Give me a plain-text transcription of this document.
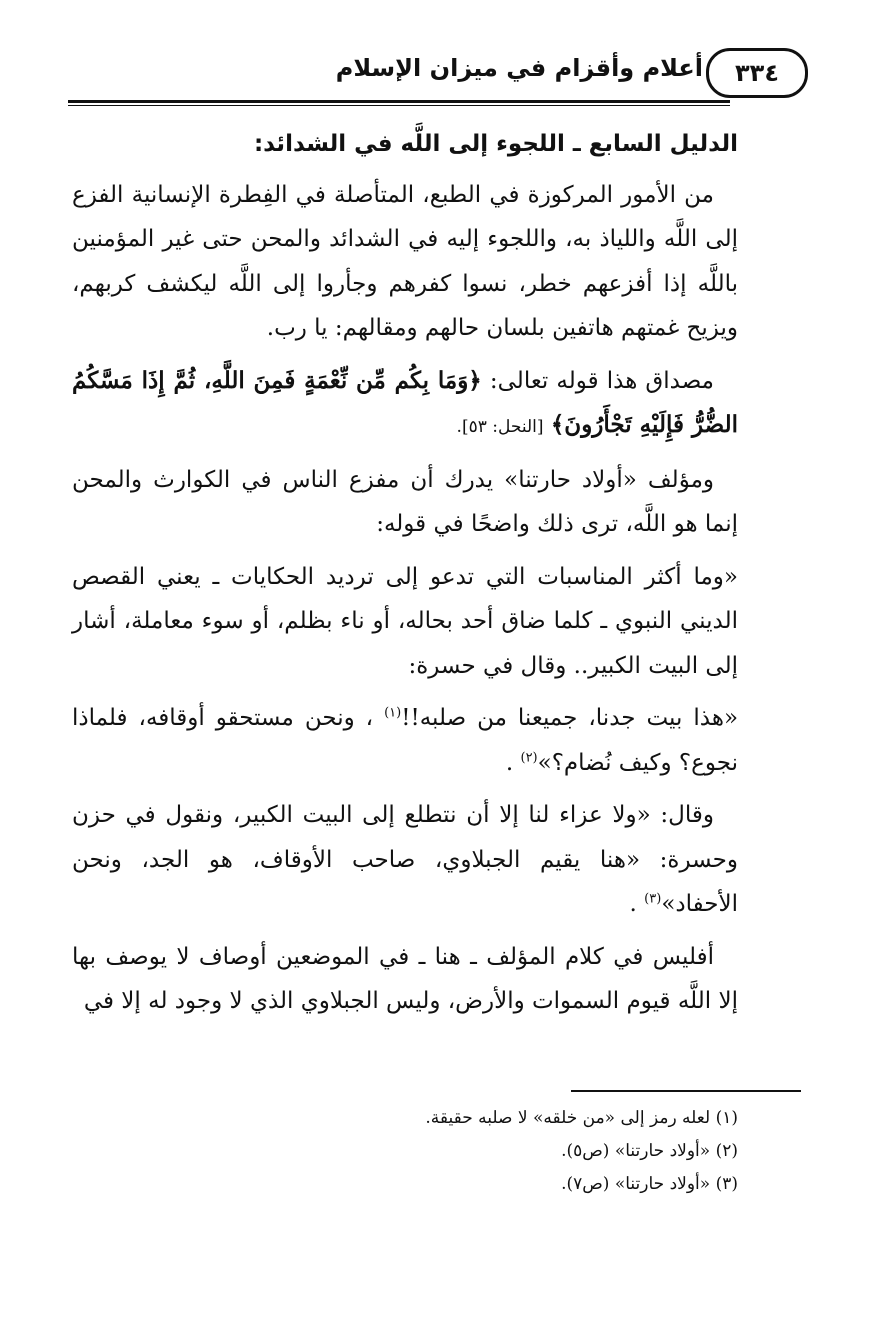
٣٣٤
أعلام وأقزام في ميزان الإسلام

الدليل السابع ـ اللجوء إلى اللَّه في الشدائد:

من الأمور المركوزة في الطبع، المتأصلة في الفِطرة الإنسانية الفزع إلى اللَّه واللياذ به، واللجوء إليه في الشدائد والمحن حتى غير المؤمنين باللَّه إذا أفزعهم خطر، نسوا كفرهم وجأروا إلى اللَّه ليكشف كربهم، ويزيح غمتهم هاتفين بلسان حالهم ومقالهم: يا رب.

مصداق هذا قوله تعالى: ﴿وَمَا بِكُم مِّن نِّعْمَةٍ فَمِنَ اللَّهِ، ثُمَّ إِذَا مَسَّكُمُ الضُّرُّ فَإِلَيْهِ تَجْأَرُونَ﴾ [النحل: ٥٣].

ومؤلف «أولاد حارتنا» يدرك أن مفزع الناس في الكوارث والمحن إنما هو اللَّه، ترى ذلك واضحًا في قوله:

«وما أكثر المناسبات التي تدعو إلى ترديد الحكايات ـ يعني القصص الديني النبوي ـ كلما ضاق أحد بحاله، أو ناء بظلم، أو سوء معاملة، أشار إلى البيت الكبير.. وقال في حسرة:

«هذا بيت جدنا، جميعنا من صلبه!!$^{(١)}$ ، ونحن مستحقو أوقافه، فلماذا نجوع؟ وكيف نُضام؟»$^{(٢)}$ .

وقال: «ولا عزاء لنا إلا أن نتطلع إلى البيت الكبير، ونقول في حزن وحسرة: «هنا يقيم الجبلاوي، صاحب الأوقاف، هو الجد، ونحن الأحفاد»$^{(٣)}$ .

أفليس في كلام المؤلف ـ هنا ـ في الموضعين أوصاف لا يوصف بها إلا اللَّه قيوم السموات والأرض، وليس الجبلاوي الذي لا وجود له إلا في

(١) لعله رمز إلى «من خلقه» لا صلبه حقيقة.
(٢) «أولاد حارتنا» (ص٥).
(٣) «أولاد حارتنا» (ص٧).
